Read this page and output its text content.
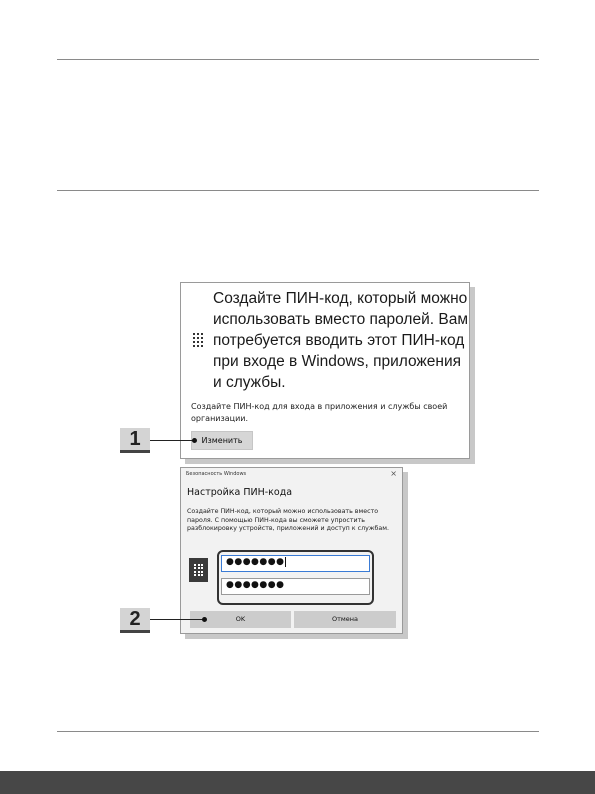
Создайте ПИН-код, который можно использовать вместо паролей. Вам потребуется вводить этот ПИН-код при входе в Windows, приложения и службы.
Создайте ПИН-код для входа в приложения и службы своей организации.
Изменить
1
Безопасность Windows	×
Настройка ПИН-кода
Создайте ПИН-код, который можно использовать вместо пароля. С помощью ПИН-кода вы сможете упростить разблокировку устройств, приложений и доступ к службам.
●●●●●●●
●●●●●●●
OK	Отмена
2
